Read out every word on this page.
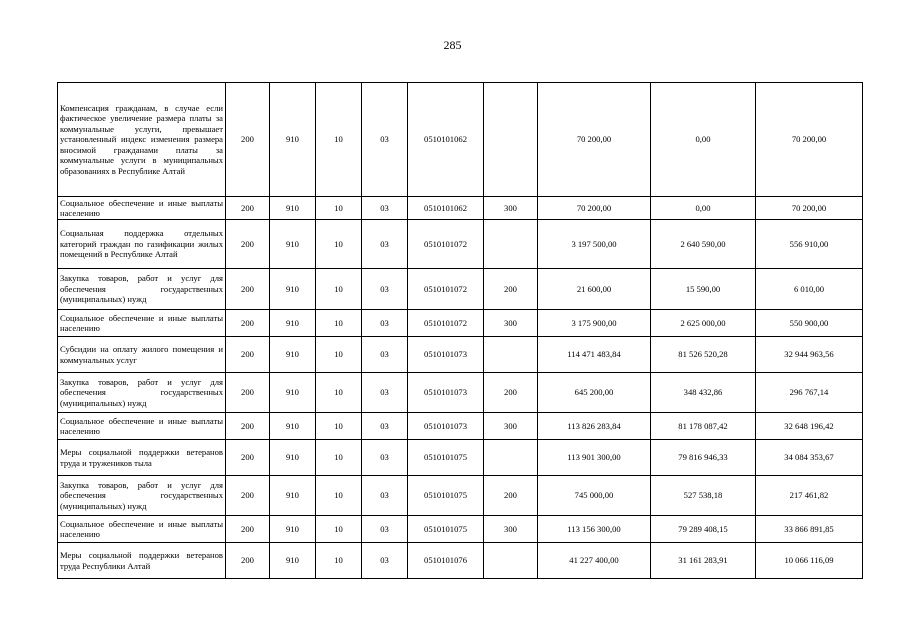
285
Компенсация гражданам, в случае если фактическое увеличение размера платы за коммунальные услуги, превышает установленный индекс изменения размера вносимой гражданами платы за коммунальные услуги в муниципальных образованиях в Республике Алтай	200	910	10	03	0510101062		70 200,00	0,00	70 200,00
Социальное обеспечение и иные выплаты населению	200	910	10	03	0510101062	300	70 200,00	0,00	70 200,00
Социальная поддержка отдельных категорий граждан по газификации жилых помещений в Республике Алтай	200	910	10	03	0510101072		3 197 500,00	2 640 590,00	556 910,00
Закупка товаров, работ и услуг для обеспечения государственных (муниципальных) нужд	200	910	10	03	0510101072	200	21 600,00	15 590,00	6 010,00
Социальное обеспечение и иные выплаты населению	200	910	10	03	0510101072	300	3 175 900,00	2 625 000,00	550 900,00
Субсидии на оплату жилого помещения и коммунальных услуг	200	910	10	03	0510101073		114 471 483,84	81 526 520,28	32 944 963,56
Закупка товаров, работ и услуг для обеспечения государственных (муниципальных) нужд	200	910	10	03	0510101073	200	645 200,00	348 432,86	296 767,14
Социальное обеспечение и иные выплаты населению	200	910	10	03	0510101073	300	113 826 283,84	81 178 087,42	32 648 196,42
Меры социальной поддержки ветеранов труда и тружеников тыла	200	910	10	03	0510101075		113 901 300,00	79 816 946,33	34 084 353,67
Закупка товаров, работ и услуг для обеспечения государственных (муниципальных) нужд	200	910	10	03	0510101075	200	745 000,00	527 538,18	217 461,82
Социальное обеспечение и иные выплаты населению	200	910	10	03	0510101075	300	113 156 300,00	79 289 408,15	33 866 891,85
Меры социальной поддержки ветеранов труда Республики Алтай	200	910	10	03	0510101076		41 227 400,00	31 161 283,91	10 066 116,09
